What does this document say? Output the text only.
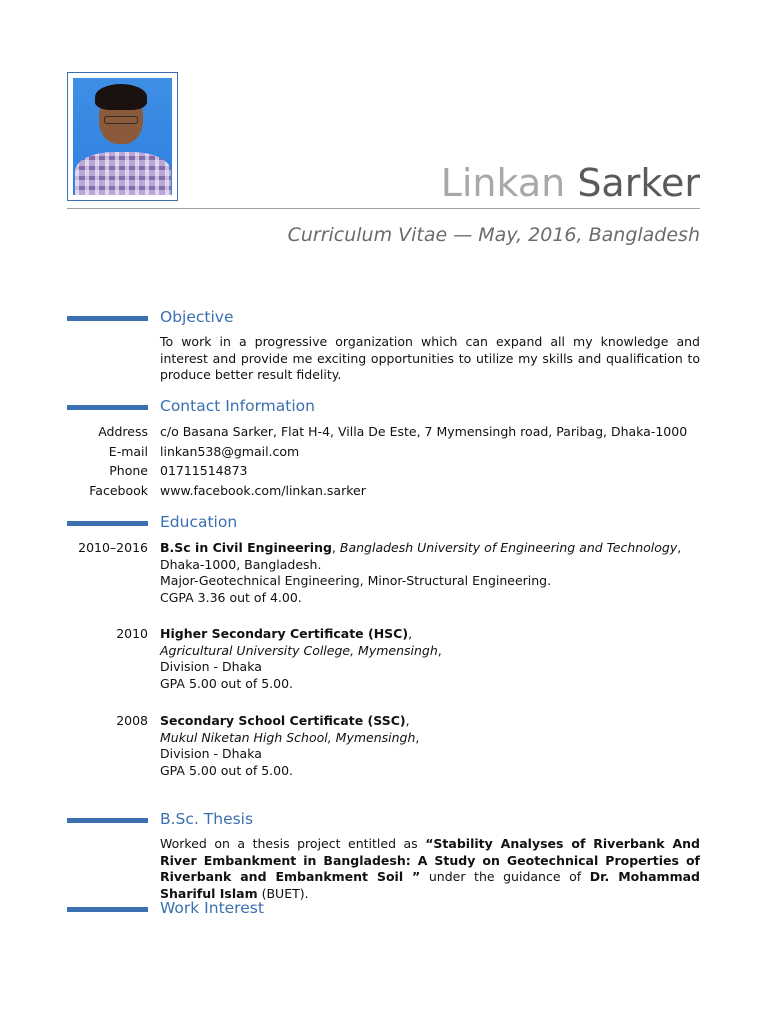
Linkan Sarker
Curriculum Vitae — May, 2016, Bangladesh
Objective
To work in a progressive organization which can expand all my knowledge and interest and provide me exciting opportunities to utilize my skills and qualification to produce better result fidelity.
Contact Information
Address c/o Basana Sarker, Flat H-4, Villa De Este, 7 Mymensingh road, Paribag, Dhaka-1000
E-mail linkan538@gmail.com
Phone 01711514873
Facebook www.facebook.com/linkan.sarker
Education
2010–2016 B.Sc in Civil Engineering, Bangladesh University of Engineering and Technology,
Dhaka-1000, Bangladesh.
Major-Geotechnical Engineering, Minor-Structural Engineering.
CGPA 3.36 out of 4.00.
2010 Higher Secondary Certificate (HSC),
Agricultural University College, Mymensingh,
Division - Dhaka
GPA 5.00 out of 5.00.
2008 Secondary School Certificate (SSC),
Mukul Niketan High School, Mymensingh,
Division - Dhaka
GPA 5.00 out of 5.00.
B.Sc. Thesis
Worked on a thesis project entitled as “Stability Analyses of Riverbank And River Embankment in Bangladesh: A Study on Geotechnical Properties of Riverbank and Embankment Soil ” under the guidance of Dr. Mohammad Shariful Islam (BUET).
Work Interest
